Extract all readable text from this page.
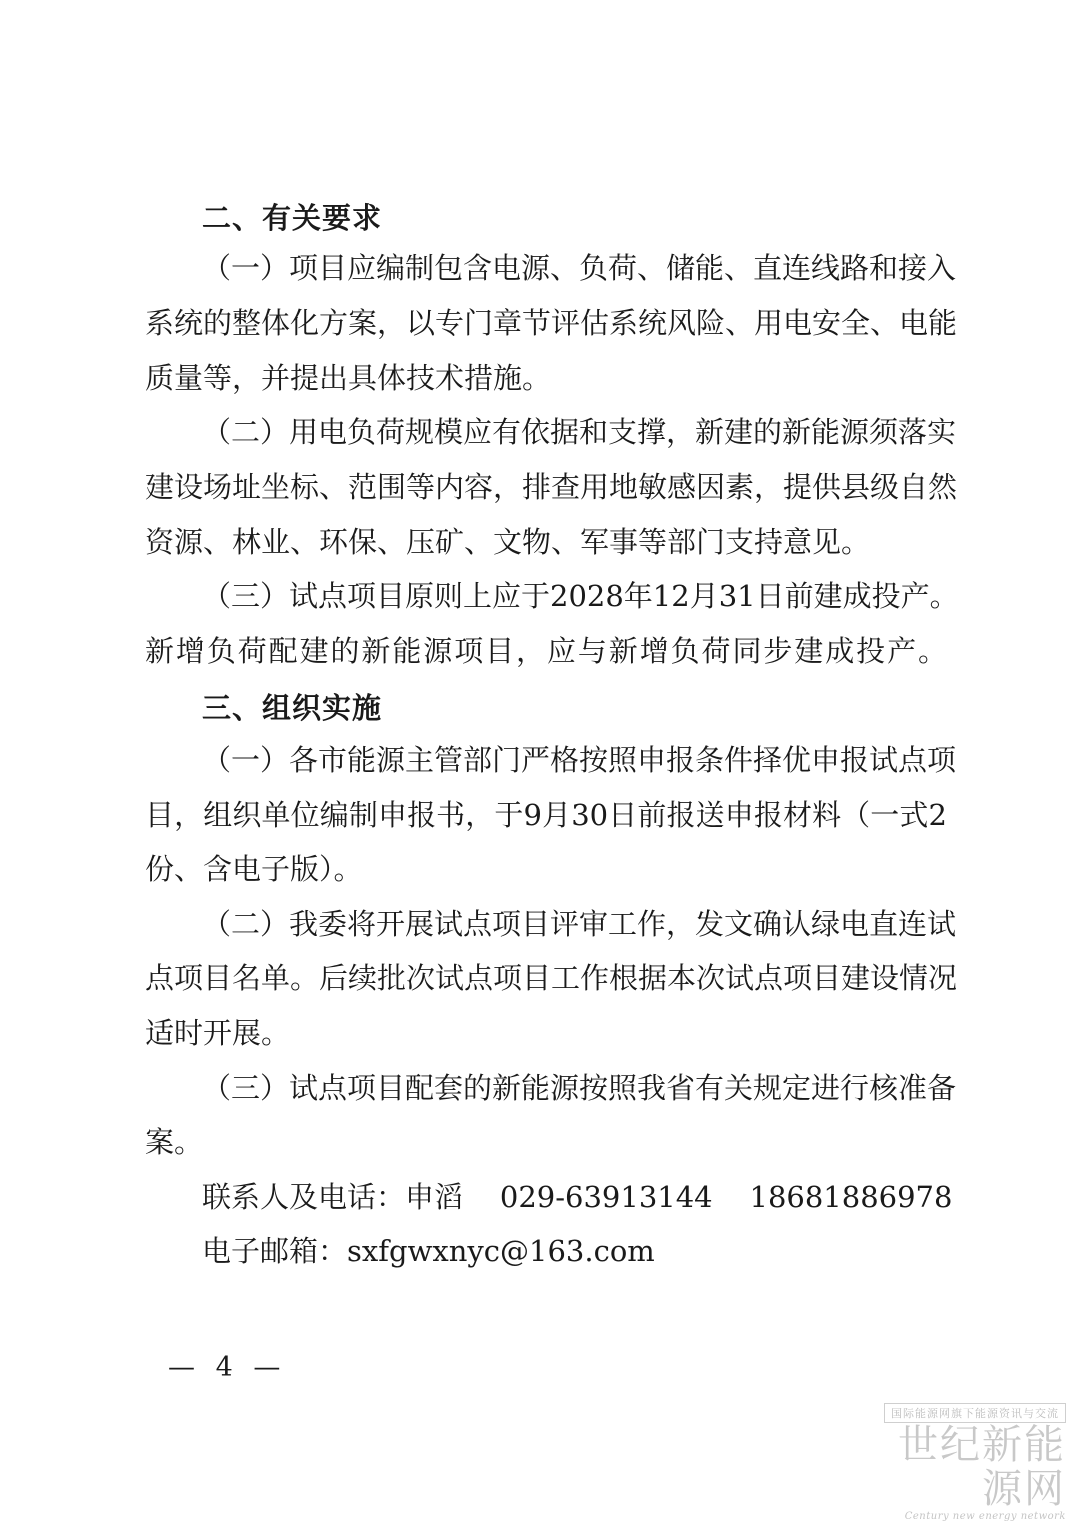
二、有关要求
（一）项目应编制包含电源、负荷、储能、直连线路和接入
系统的整体化方案，以专门章节评估系统风险、用电安全、电能
质量等，并提出具体技术措施。
（二）用电负荷规模应有依据和支撑，新建的新能源须落实
建设场址坐标、范围等内容，排查用地敏感因素，提供县级自然
资源、林业、环保、压矿、文物、军事等部门支持意见。
（三）试点项目原则上应于2028年12月31日前建成投产。
新增负荷配建的新能源项目，应与新增负荷同步建成投产。
三、组织实施
（一）各市能源主管部门严格按照申报条件择优申报试点项
目，组织单位编制申报书，于9月30日前报送申报材料（一式2
份、含电子版）。
（二）我委将开展试点项目评审工作，发文确认绿电直连试
点项目名单。后续批次试点项目工作根据本次试点项目建设情况
适时开展。
（三）试点项目配套的新能源按照我省有关规定进行核准备
案。
联系人及电话：申滔    029-63913144    18681886978
电子邮箱：sxfgwxnyc@163.com
— 4 —
国际能源网旗下能源资讯与交流
世纪新能源网
Century new energy network
